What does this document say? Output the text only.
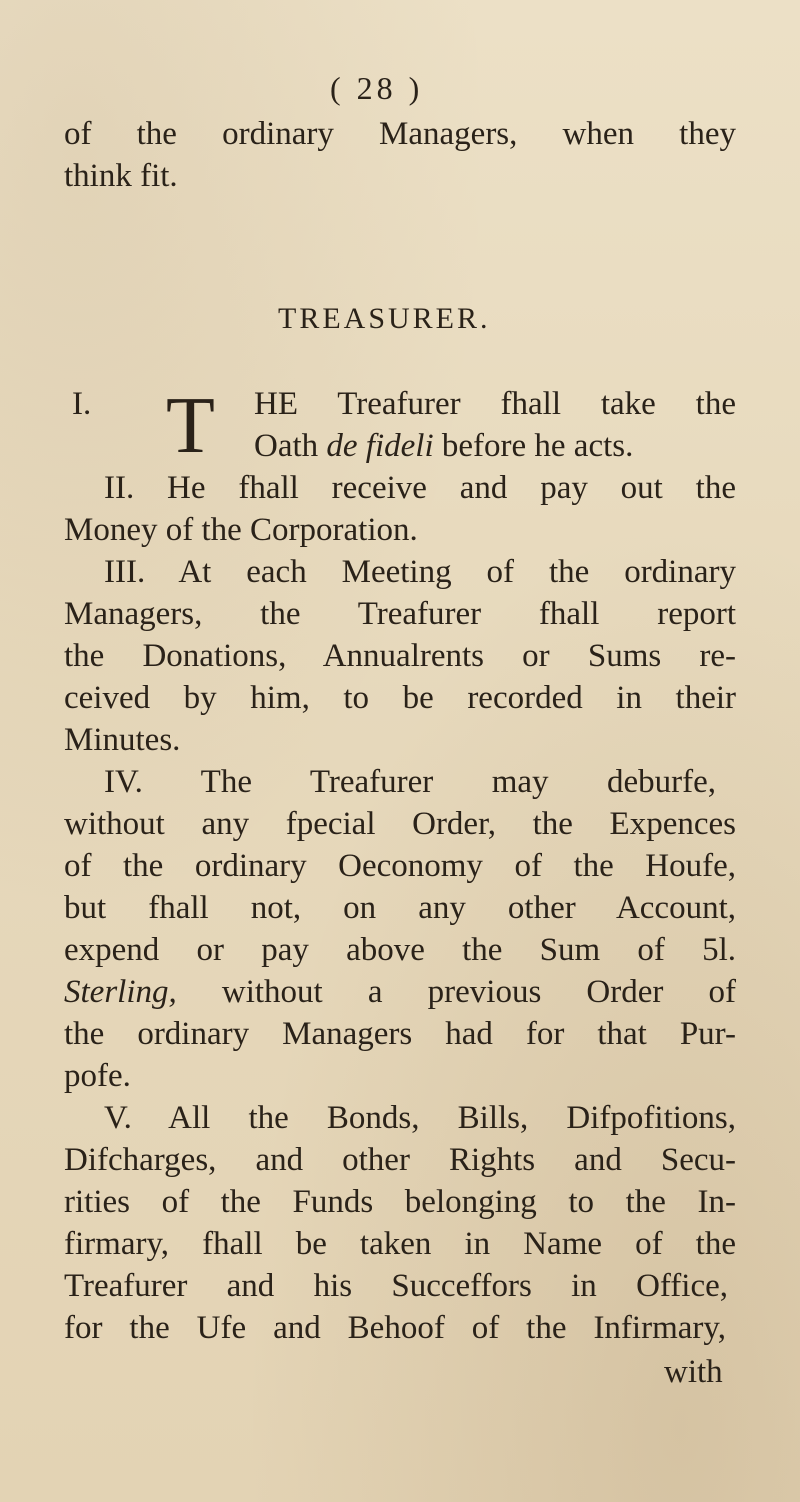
( 28 )
of the ordinary Managers, when they
think fit.
TREASURER.
I. T HE Treafurer fhall take the
Oath de fideli before he acts.
II. He fhall receive and pay out the
Money of the Corporation.
III. At each Meeting of the ordinary
Managers, the Treafurer fhall report
the Donations, Annualrents or Sums re-
ceived by him, to be recorded in their
Minutes.
IV. The Treafurer may deburfe,
without any fpecial Order, the Expences
of the ordinary Oeconomy of the Houfe,
but fhall not, on any other Account,
expend or pay above the Sum of 5l.
Sterling, without a previous Order of
the ordinary Managers had for that Pur-
pofe.
V. All the Bonds, Bills, Difpofitions,
Difcharges, and other Rights and Secu-
rities of the Funds belonging to the In-
firmary, fhall be taken in Name of the
Treafurer and his Succeffors in Office,
for the Ufe and Behoof of the Infirmary,
with
